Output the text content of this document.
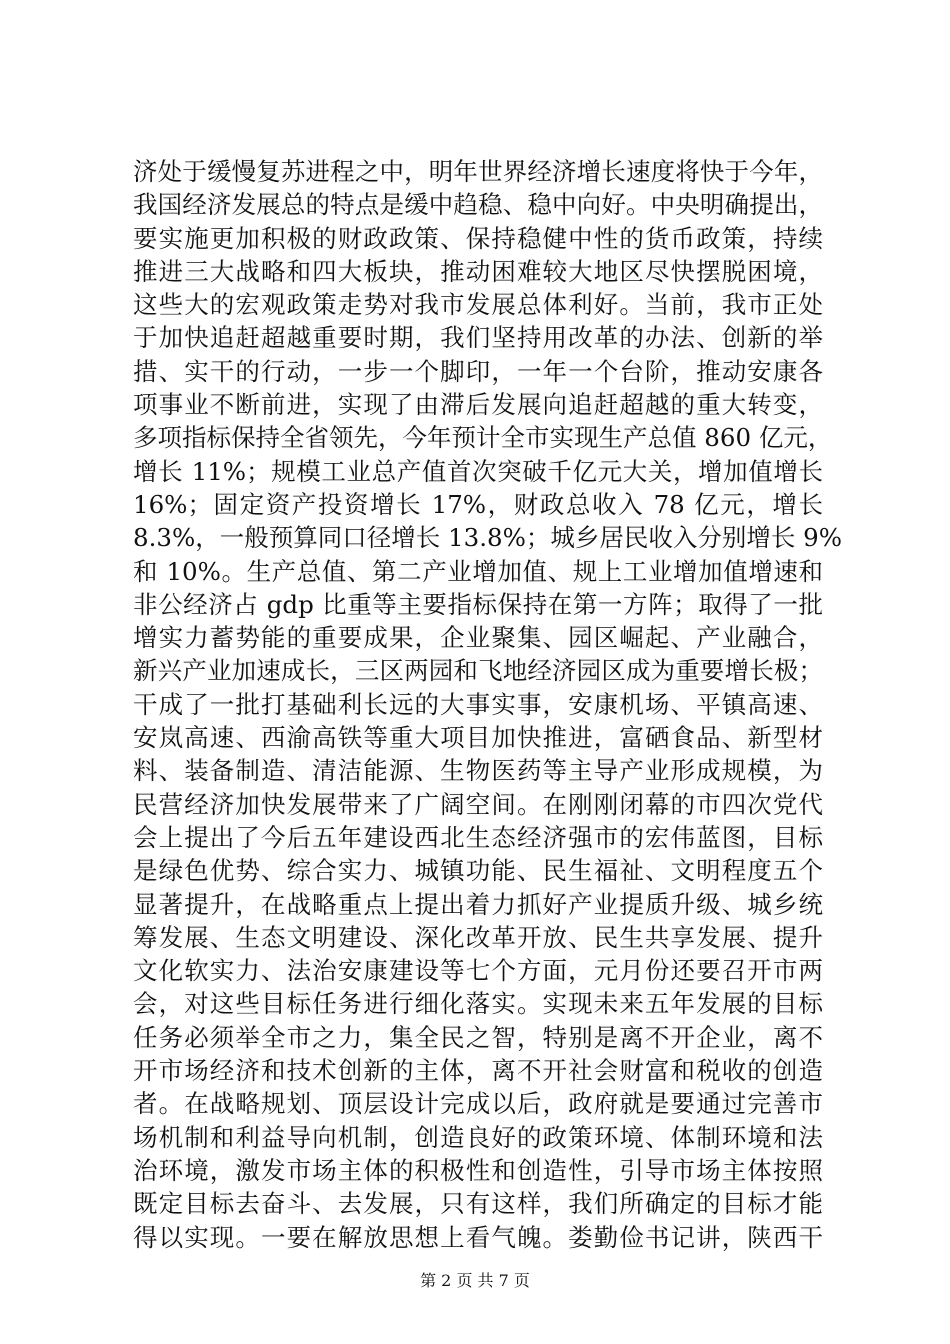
济处于缓慢复苏进程之中，明年世界经济增长速度将快于今年，
我国经济发展总的特点是缓中趋稳、稳中向好。中央明确提出，
要实施更加积极的财政政策、保持稳健中性的货币政策，持续
推进三大战略和四大板块，推动困难较大地区尽快摆脱困境，
这些大的宏观政策走势对我市发展总体利好。当前，我市正处
于加快追赶超越重要时期，我们坚持用改革的办法、创新的举
措、实干的行动，一步一个脚印，一年一个台阶，推动安康各
项事业不断前进，实现了由滞后发展向追赶超越的重大转变，
多项指标保持全省领先，今年预计全市实现生产总值 860 亿元，
增长 11%；规模工业总产值首次突破千亿元大关，增加值增长
16%；固定资产投资增长 17%，财政总收入 78 亿元，增长
8.3%，一般预算同口径增长 13.8%；城乡居民收入分别增长 9%
和 10%。生产总值、第二产业增加值、规上工业增加值增速和
非公经济占 gdp 比重等主要指标保持在第一方阵；取得了一批
增实力蓄势能的重要成果，企业聚集、园区崛起、产业融合，
新兴产业加速成长，三区两园和飞地经济园区成为重要增长极；
干成了一批打基础利长远的大事实事，安康机场、平镇高速、
安岚高速、西渝高铁等重大项目加快推进，富硒食品、新型材
料、装备制造、清洁能源、生物医药等主导产业形成规模，为
民营经济加快发展带来了广阔空间。在刚刚闭幕的市四次党代
会上提出了今后五年建设西北生态经济强市的宏伟蓝图，目标
是绿色优势、综合实力、城镇功能、民生福祉、文明程度五个
显著提升，在战略重点上提出着力抓好产业提质升级、城乡统
筹发展、生态文明建设、深化改革开放、民生共享发展、提升
文化软实力、法治安康建设等七个方面，元月份还要召开市两
会，对这些目标任务进行细化落实。实现未来五年发展的目标
任务必须举全市之力，集全民之智，特别是离不开企业，离不
开市场经济和技术创新的主体，离不开社会财富和税收的创造
者。在战略规划、顶层设计完成以后，政府就是要通过完善市
场机制和利益导向机制，创造良好的政策环境、体制环境和法
治环境，激发市场主体的积极性和创造性，引导市场主体按照
既定目标去奋斗、去发展，只有这样，我们所确定的目标才能
得以实现。一要在解放思想上看气魄。娄勤俭书记讲，陕西干

第 2 页 共 7 页
